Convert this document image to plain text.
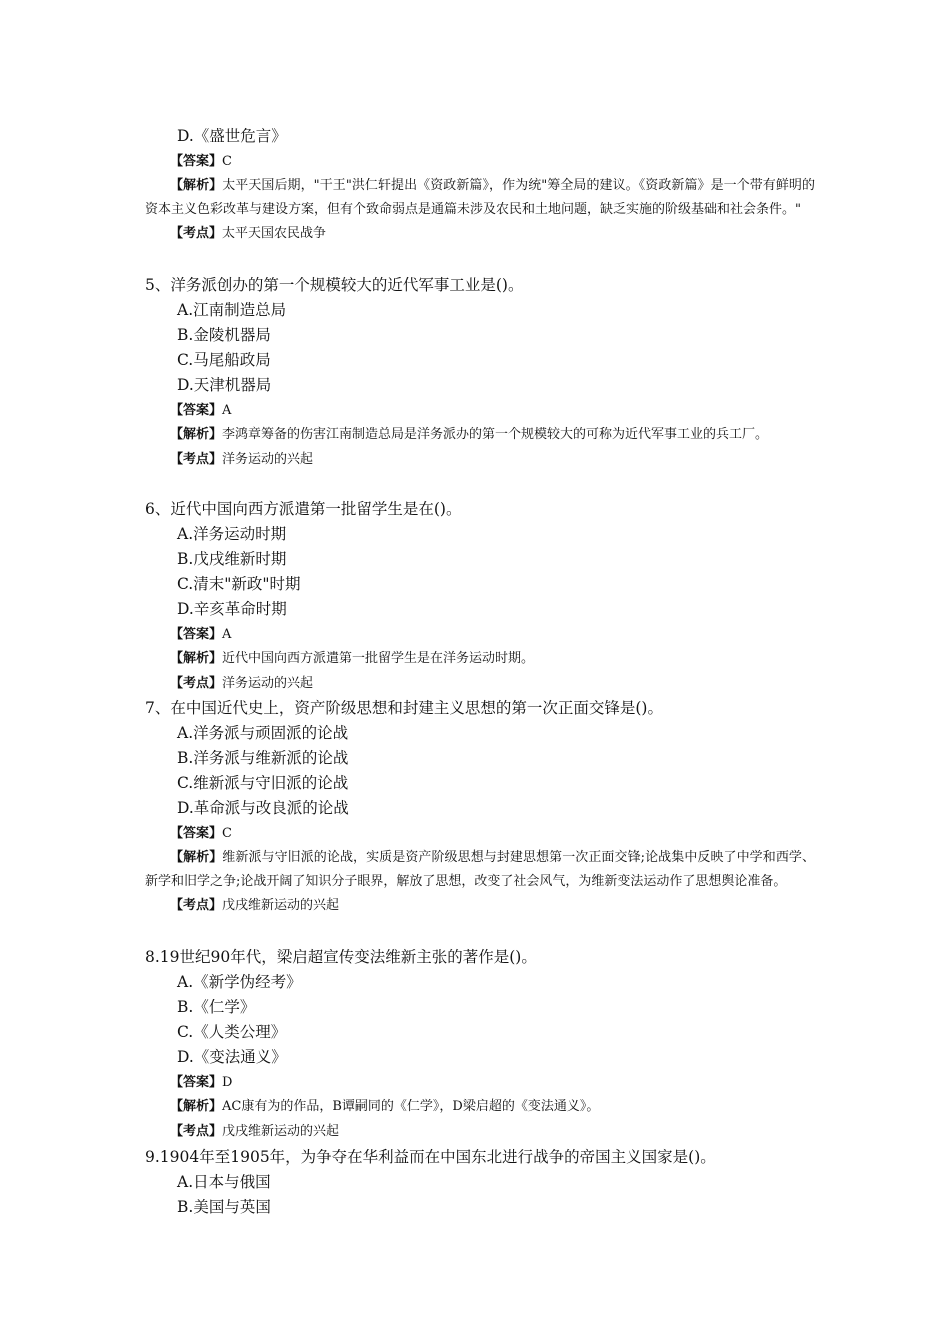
D.《盛世危言》
【答案】C
【解析】太平天国后期，"干王"洪仁轩提出《资政新篇》，作为统"筹全局的建议。《资政新篇》是一个带有鲜明的资本主义色彩改革与建设方案，但有个致命弱点是通篇未涉及农民和土地问题，缺乏实施的阶级基础和社会条件。"
【考点】太平天国农民战争
5、洋务派创办的第一个规模较大的近代军事工业是()。
A.江南制造总局
B.金陵机器局
C.马尾船政局
D.天津机器局
【答案】A
【解析】李鸿章筹备的伤害江南制造总局是洋务派办的第一个规模较大的可称为近代军事工业的兵工厂。
【考点】洋务运动的兴起
6、近代中国向西方派遣第一批留学生是在()。
A.洋务运动时期
B.戊戌维新时期
C.清末"新政"时期
D.辛亥革命时期
【答案】A
【解析】近代中国向西方派遣第一批留学生是在洋务运动时期。
【考点】洋务运动的兴起
7、在中国近代史上，资产阶级思想和封建主义思想的第一次正面交锋是()。
A.洋务派与顽固派的论战
B.洋务派与维新派的论战
C.维新派与守旧派的论战
D.革命派与改良派的论战
【答案】C
【解析】维新派与守旧派的论战，实质是资产阶级思想与封建思想第一次正面交锋;论战集中反映了中学和西学、新学和旧学之争;论战开阔了知识分子眼界，解放了思想，改变了社会风气，为维新变法运动作了思想舆论准备。
【考点】戊戌维新运动的兴起
8.19世纪90年代，梁启超宣传变法维新主张的著作是()。
A.《新学伪经考》
B.《仁学》
C.《人类公理》
D.《变法通义》
【答案】D
【解析】AC康有为的作品，B谭嗣同的《仁学》，D梁启超的《变法通义》。
【考点】戊戌维新运动的兴起
9.1904年至1905年，为争夺在华利益而在中国东北进行战争的帝国主义国家是()。
A.日本与俄国
B.美国与英国
